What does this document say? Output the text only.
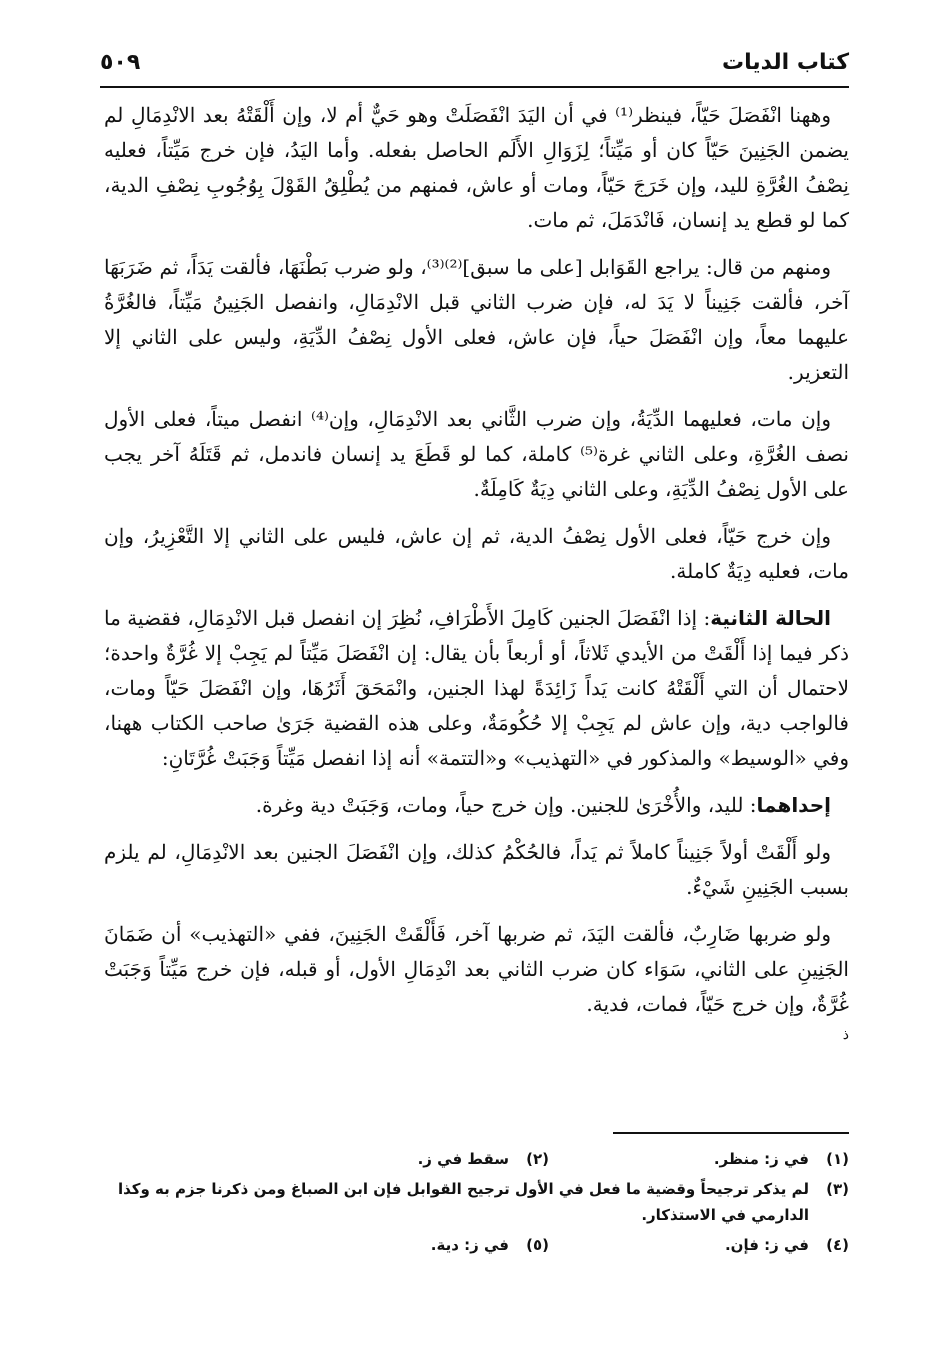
كتاب الديات
٥٠٩

وههنا انْفَصَلَ حَيّاً، فينظر⁽¹⁾ في أن اليَدَ انْفَصَلَتْ وهو حَيٌّ أم لا، وإن أَلْقَتْهُ بعد الانْدِمَالِ لم يضمن الجَنِينَ حَيّاً كان أو مَيِّتاً؛ لِزَوَالِ الأَلَم الحاصل بفعله. وأما اليَدُ، فإن خرج مَيِّتاً، فعليه نِصْفُ الغُرَّةِ لليد، وإن خَرَجَ حَيّاً، ومات أو عاش، فمنهم من يُطْلِقُ القَوْلَ بِوُجُوبِ نِصْفِ الدية، كما لو قطع يد إنسان، فَانْدَمَلَ، ثم مات.

ومنهم من قال: يراجع القَوَابل [على ما سبق]⁽²⁾⁽³⁾، ولو ضرب بَطْنَهَا، فألقت يَدَاً، ثم ضَرَبَهَا آخر، فألقت جَنِيناً لا يَدَ له، فإن ضرب الثاني قبل الانْدِمَالِ، وانفصل الجَنِينُ مَيِّتاً، فالغُرَّةُ عليهما معاً، وإن انْفَصَلَ حياً، فإن عاش، فعلى الأول نِصْفُ الدِّيَةِ، وليس على الثاني إلا التعزير.

وإن مات، فعليهما الدِّيَةُ، وإن ضرب الثَّاني بعد الانْدِمَالِ، وإن⁽⁴⁾ انفصل ميتاً، فعلى الأول نصف الغُرَّةِ، وعلى الثاني غرة⁽⁵⁾ كاملة، كما لو قَطَعَ يد إنسان فاندمل، ثم قَتَلَهُ آخر يجب على الأول نِصْفُ الدِّيَةِ، وعلى الثاني دِيَةٌ كَامِلَةٌ.

وإن خرج حَيّاً، فعلى الأول نِصْفُ الدية، ثم إن عاش، فليس على الثاني إلا التَّعْزِيرُ، وإن مات، فعليه دِيَةٌ كاملة.

الحالة الثانية: إذا انْفَصَلَ الجنين كَامِلَ الأَطْرَافِ، نُظِرَ إن انفصل قبل الانْدِمَالِ، فقضية ما ذكر فيما إذا أَلْقَتْ من الأيدي ثَلاثاً، أو أربعاً بأن يقال: إن انْفَصَلَ مَيِّتاً لم يَجِبْ إلا غُرَّةٌ واحدة؛ لاحتمال أن التي أَلْقَتْهُ كانت يَداً زَائِدَةً لهذا الجنين، وانْمَحَقَ أَثَرُهَا، وإن انْفَصَلَ حَيّاً ومات، فالواجب دية، وإن عاش لم يَجِبْ إلا حُكُومَةٌ، وعلى هذه القضية جَرَىٰ صاحب الكتاب ههنا، وفي «الوسيط» والمذكور في «التهذيب» و«التتمة» أنه إذا انفصل مَيِّتاً وَجَبَتْ غُرَّتَانِ:

إحداهما: لليد، والأُخْرَىٰ للجنين. وإن خرج حياً، ومات، وَجَبَتْ دية وغرة.

ولو أَلْقَتْ أولاً جَنِيناً كاملاً ثم يَداً، فالحُكْمُ كذلك، وإن انْفَصَلَ الجنين بعد الانْدِمَالِ، لم يلزم بسبب الجَنِينِ شَيْءٌ.

ولو ضربها ضَارِبٌ، فألقت اليَدَ، ثم ضربها آخر، فَأَلْقَتْ الجَنِينَ، ففي «التهذيب» أن ضَمَانَ الجَنِينِ على الثاني، سَوَاء كان ضرب الثاني بعد انْدِمَالِ الأول، أو قبله، فإن خرج مَيِّتاً وَجَبَتْ غُرَّةٌ، وإن خرج حَيّاً، فمات، فدية.

ذ
(١)
في ز: منظر.
(٢)
سقط في ز.
(٣)
لم يذكر ترجيحاً وقضية ما فعل في الأول ترجيح القوابل فإن ابن الصباغ ومن ذكرنا جزم به وكذا الدارمي في الاستذكار.
(٤)
في ز: فإن.
(٥)
في ز: دية.
